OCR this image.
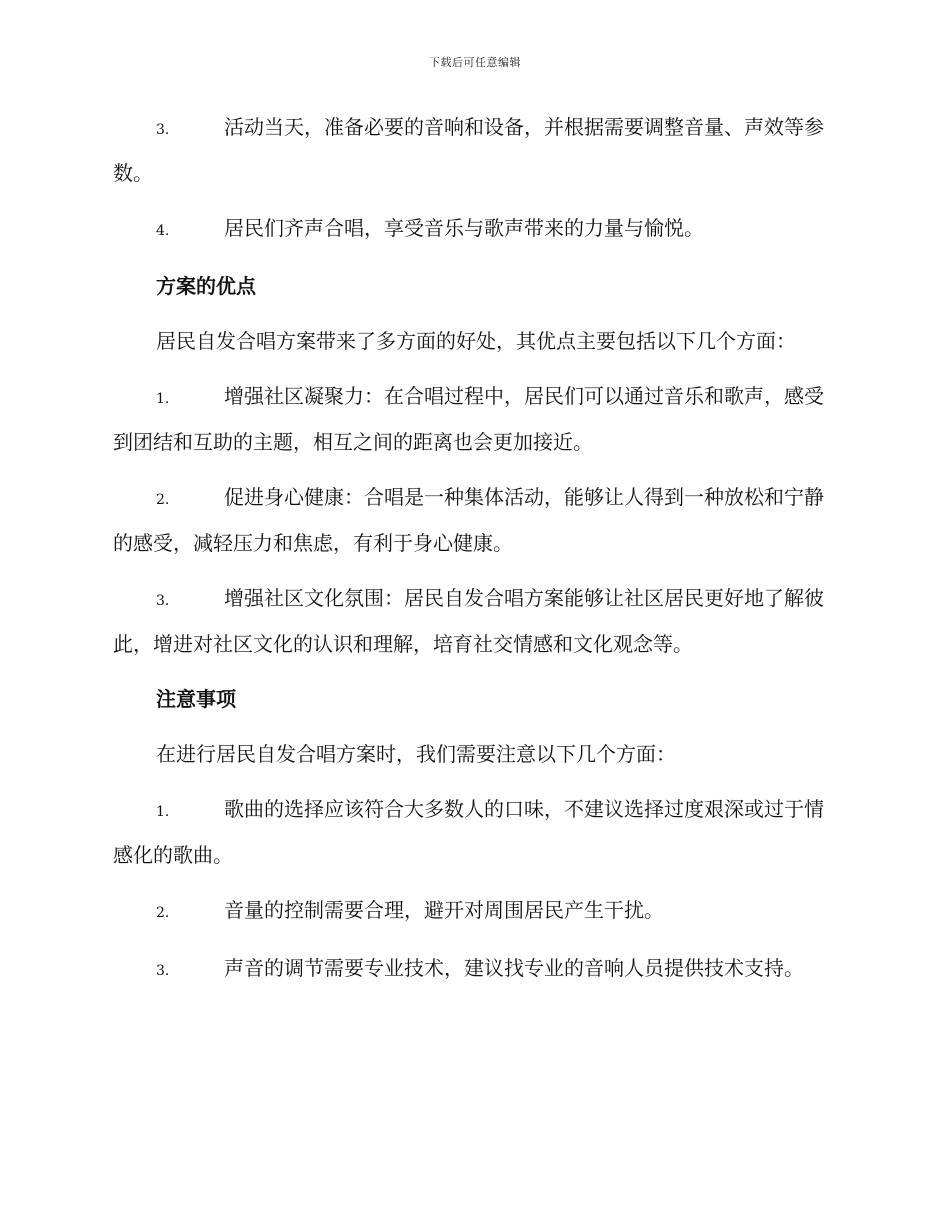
下载后可任意编辑

3.	活动当天，准备必要的音响和设备，并根据需要调整音量、声效等参数。

4.	居民们齐声合唱，享受音乐与歌声带来的力量与愉悦。

方案的优点

居民自发合唱方案带来了多方面的好处，其优点主要包括以下几个方面：

1.	增强社区凝聚力：在合唱过程中，居民们可以通过音乐和歌声，感受到团结和互助的主题，相互之间的距离也会更加接近。

2.	促进身心健康：合唱是一种集体活动，能够让人得到一种放松和宁静的感受，减轻压力和焦虑，有利于身心健康。

3.	增强社区文化氛围：居民自发合唱方案能够让社区居民更好地了解彼此，增进对社区文化的认识和理解，培育社交情感和文化观念等。

注意事项

在进行居民自发合唱方案时，我们需要注意以下几个方面：

1.	歌曲的选择应该符合大多数人的口味，不建议选择过度艰深或过于情感化的歌曲。

2.	音量的控制需要合理，避开对周围居民产生干扰。

3.	声音的调节需要专业技术，建议找专业的音响人员提供技术支持。
